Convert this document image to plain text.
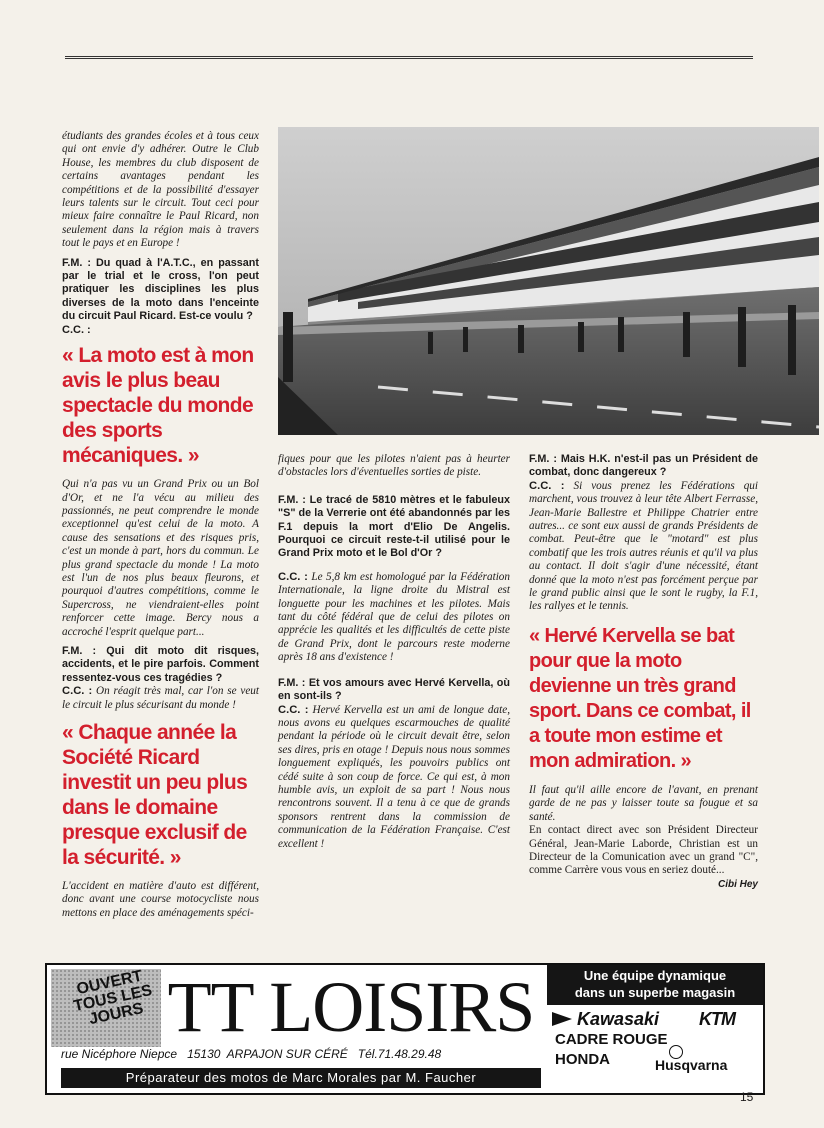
étudiants des grandes écoles et à tous ceux qui ont envie d'y adhérer. Outre le Club House, les membres du club disposent de certains avantages pendant les compétitions et de la possibilité d'essayer leurs talents sur le circuit. Tout ceci pour mieux faire connaître le Paul Ricard, non seulement dans la région mais à travers tout le pays et en Europe !

F.M. : Du quad à l'A.T.C., en passant par le trial et le cross, l'on peut pratiquer les disciplines les plus diverses de la moto dans l'enceinte du circuit Paul Ricard. Est-ce voulu ?

C.C. :

« La moto est à mon avis le plus beau spectacle du monde des sports mécaniques. »

Qui n'a pas vu un Grand Prix ou un Bol d'Or, et ne l'a vécu au milieu des passionnés, ne peut comprendre le monde exceptionnel qu'est celui de la moto. A cause des sensations et des risques pris, c'est un monde à part, hors du commun. Le plus grand spectacle du monde ! La moto est l'un de nos plus beaux fleurons, et pourquoi d'autres compétitions, comme le Supercross, ne viendraient-elles point renforcer cette image. Bercy nous a accroché l'esprit quelque part...

F.M. : Qui dit moto dit risques, accidents, et le pire parfois. Comment ressentez-vous ces tragédies ?

C.C. : On réagit très mal, car l'on se veut le circuit le plus sécurisant du monde !

« Chaque année la Société Ricard investit un peu plus dans le domaine presque exclusif de la sécurité. »

L'accident en matière d'auto est différent, donc avant une course motocycliste nous mettons en place des aménagements spéci-

fiques pour que les pilotes n'aient pas à heurter d'obstacles lors d'éventuelles sorties de piste.

F.M. : Le tracé de 5810 mètres et le fabuleux "S" de la Verrerie ont été abandonnés par les F.1 depuis la mort d'Elio De Angelis. Pourquoi ce circuit reste-t-il utilisé pour le Grand Prix moto et le Bol d'Or ?

C.C. : Le 5,8 km est homologué par la Fédération Internationale, la ligne droite du Mistral est longuette pour les machines et les pilotes. Mais tant du côté fédéral que de celui des pilotes on apprécie les qualités et les difficultés de cette piste de Grand Prix, dont le parcours reste moderne après 18 ans d'existence !

F.M. : Et vos amours avec Hervé Kervella, où en sont-ils ?

C.C. : Hervé Kervella est un ami de longue date, nous avons eu quelques escarmouches de qualité pendant la période où le circuit devait être, selon ses dires, pris en otage ! Depuis nous nous sommes longuement expliqués, les pouvoirs publics ont cédé suite à son coup de force. Ce qui est, à mon humble avis, un exploit de sa part ! Nous nous rencontrons souvent. Il a tenu à ce que de grands sponsors rentrent dans la commission de communication de la Fédération Française. C'est excellent !

F.M. : Mais H.K. n'est-il pas un Président de combat, donc dangereux ?

C.C. : Si vous prenez les Fédérations qui marchent, vous trouvez à leur tête Albert Ferrasse, Jean-Marie Ballestre et Philippe Chatrier entre autres... ce sont eux aussi de grands Présidents de combat. Peut-être que le "motard" est plus combatif que les trois autres réunis et qu'il va plus au contact. Il doit s'agir d'une nécessité, étant donné que la moto n'est pas forcément perçue par le grand public ainsi que le sont le rugby, la F.1, les rallyes et le tennis.

« Hervé Kervella se bat pour que la moto devienne un très grand sport. Dans ce combat, il a toute mon estime et mon admiration. »

Il faut qu'il aille encore de l'avant, en prenant garde de ne pas y laisser toute sa fougue et sa santé.

En contact direct avec son Président Directeur Général, Jean-Marie Laborde, Christian est un Directeur de la Comunication avec un grand "C", comme Carrère vous vous en seriez douté...

Cibi Hey
OUVERT TOUS LES JOURS TT LOISIRS
rue Nicéphore Niepce   15130  ARPAJON SUR CÉRÉ   Tél.71.48.29.48
Préparateur des motos de Marc Morales par M. Faucher
Une équipe dynamique
dans un superbe magasin
Kawasaki KTM
CADRE ROUGE
HONDA	Husqvarna
15
